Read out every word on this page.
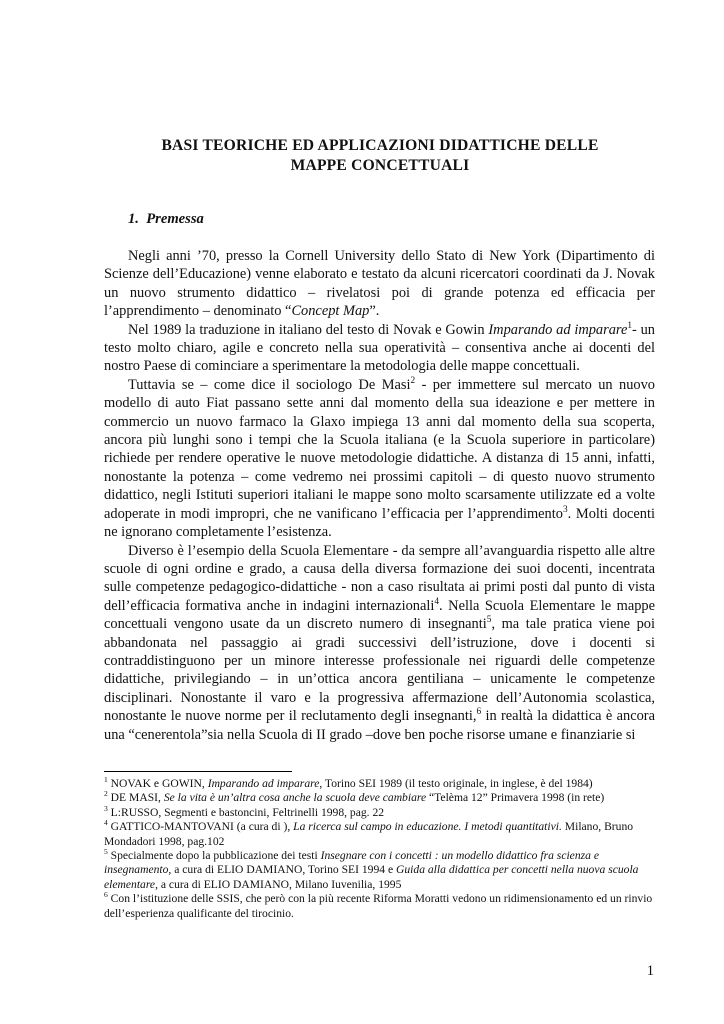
BASI TEORICHE ED APPLICAZIONI DIDATTICHE DELLE
MAPPE CONCETTUALI
1. Premessa

Negli anni ’70, presso la Cornell University dello Stato di New York (Dipartimento di Scienze dell’Educazione) venne elaborato e testato da alcuni ricercatori coordinati da J. Novak un nuovo strumento didattico – rivelatosi poi di grande potenza ed efficacia per l’apprendimento – denominato “Concept Map”.

Nel 1989 la traduzione in italiano del testo di Novak e Gowin Imparando ad imparare$^1$- un testo molto chiaro, agile e concreto nella sua operatività – consentiva anche ai docenti del nostro Paese di cominciare a sperimentare la metodologia delle mappe concettuali.

Tuttavia se – come dice il sociologo De Masi$^2$ - per immettere sul mercato un nuovo modello di auto Fiat passano sette anni dal momento della sua ideazione e per mettere in commercio un nuovo farmaco la Glaxo impiega 13 anni dal momento della sua scoperta, ancora più lunghi sono i tempi che la Scuola italiana (e la Scuola superiore in particolare) richiede per rendere operative le nuove metodologie didattiche. A distanza di 15 anni, infatti, nonostante la potenza – come vedremo nei prossimi capitoli – di questo nuovo strumento didattico, negli Istituti superiori italiani le mappe sono molto scarsamente utilizzate ed a volte adoperate in modi impropri, che ne vanificano l’efficacia per l’apprendimento$^3$. Molti docenti ne ignorano completamente l’esistenza.

Diverso è l’esempio della Scuola Elementare - da sempre all’avanguardia rispetto alle altre scuole di ogni ordine e grado, a causa della diversa formazione dei suoi docenti, incentrata sulle competenze pedagogico-didattiche - non a caso risultata ai primi posti dal punto di vista dell’efficacia formativa anche in indagini internazionali$^4$. Nella Scuola Elementare le mappe concettuali vengono usate da un discreto numero di insegnanti$^5$, ma tale pratica viene poi abbandonata nel passaggio ai gradi successivi dell’istruzione, dove i docenti si contraddistinguono per un minore interesse professionale nei riguardi delle competenze didattiche, privilegiando – in un’ottica ancora gentiliana – unicamente le competenze disciplinari. Nonostante il varo e la progressiva affermazione dell’Autonomia scolastica, nonostante le nuove norme per il reclutamento degli insegnanti,$^6$ in realtà la didattica è ancora una “cenerentola”sia nella Scuola di II grado –dove ben poche risorse umane e finanziarie si

$^1$ NOVAK e GOWIN, Imparando ad imparare, Torino SEI 1989 (il testo originale, in inglese, è del 1984)

$^2$ DE MASI, Se la vita è un’altra cosa anche la scuola deve cambiare “Telèma 12” Primavera 1998 (in rete)

$^3$ L:RUSSO, Segmenti e bastoncini, Feltrinelli 1998, pag. 22

$^4$ GATTICO-MANTOVANI (a cura di ), La ricerca sul campo in educazione. I metodi quantitativi. Milano, Bruno Mondadori 1998, pag.102

$^5$ Specialmente dopo la pubblicazione dei testi Insegnare con i concetti : un modello didattico fra scienza e insegnamento, a cura di ELIO DAMIANO, Torino SEI 1994 e Guida alla didattica per concetti nella nuova scuola elementare, a cura di ELIO DAMIANO, Milano Iuvenilia, 1995

$^6$ Con l’istituzione delle SSIS, che però con la più recente Riforma Moratti vedono un ridimensionamento ed un rinvio dell’esperienza qualificante del tirocinio.

1
